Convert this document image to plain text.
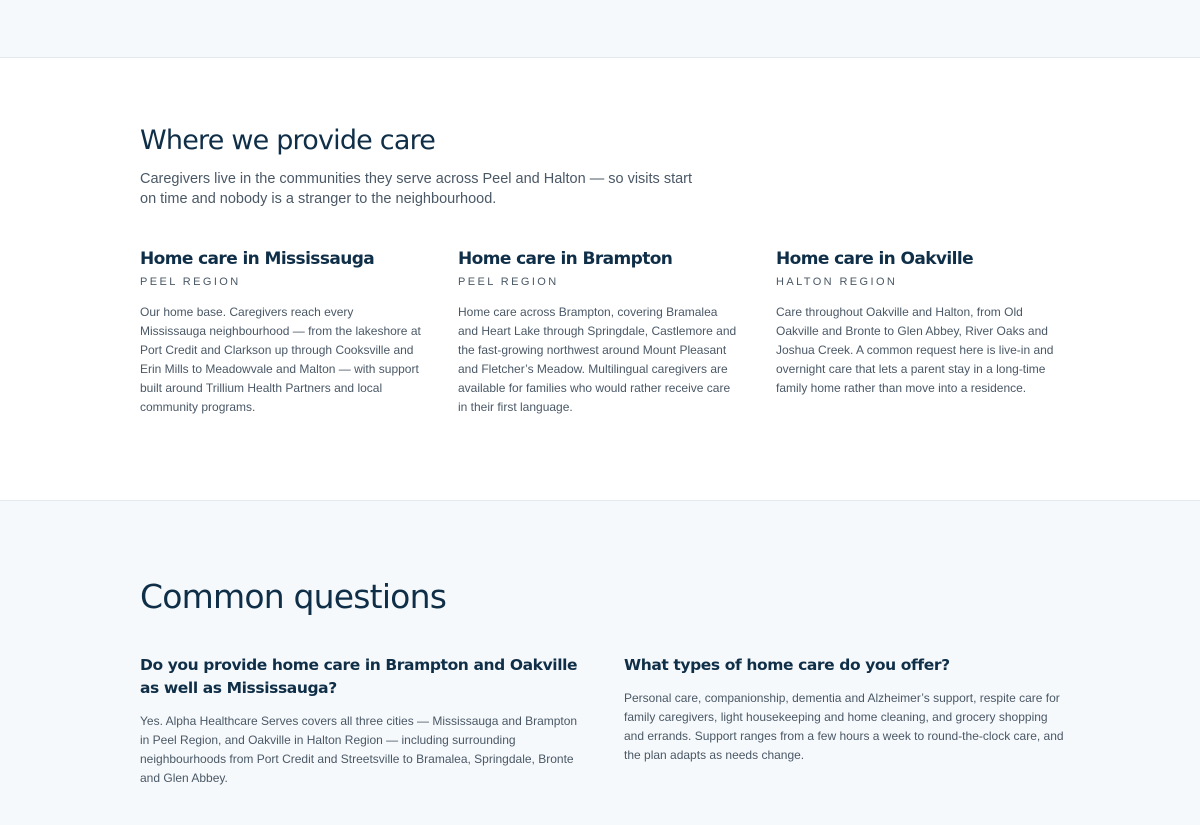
Where we provide care

Caregivers live in the communities they serve across Peel and Halton — so visits start on time and nobody is a stranger to the neighbourhood.

Home care in Mississauga
PEEL REGION

Our home base. Caregivers reach every Mississauga neighbourhood — from the lakeshore at Port Credit and Clarkson up through Cooksville and Erin Mills to Meadowvale and Malton — with support built around Trillium Health Partners and local community programs.

Home care in Brampton
PEEL REGION

Home care across Brampton, covering Bramalea and Heart Lake through Springdale, Castlemore and the fast-growing northwest around Mount Pleasant and Fletcher’s Meadow. Multilingual caregivers are available for families who would rather receive care in their first language.

Home care in Oakville
HALTON REGION

Care throughout Oakville and Halton, from Old Oakville and Bronte to Glen Abbey, River Oaks and Joshua Creek. A common request here is live-in and overnight care that lets a parent stay in a long-time family home rather than move into a residence.

Common questions
Do you provide home care in Brampton and Oakville as well as Mississauga?

Yes. Alpha Healthcare Serves covers all three cities — Mississauga and Brampton in Peel Region, and Oakville in Halton Region — including surrounding neighbourhoods from Port Credit and Streetsville to Bramalea, Springdale, Bronte and Glen Abbey.

What types of home care do you offer?

Personal care, companionship, dementia and Alzheimer’s support, respite care for family caregivers, light housekeeping and home cleaning, and grocery shopping and errands. Support ranges from a few hours a week to round-the-clock care, and the plan adapts as needs change.
